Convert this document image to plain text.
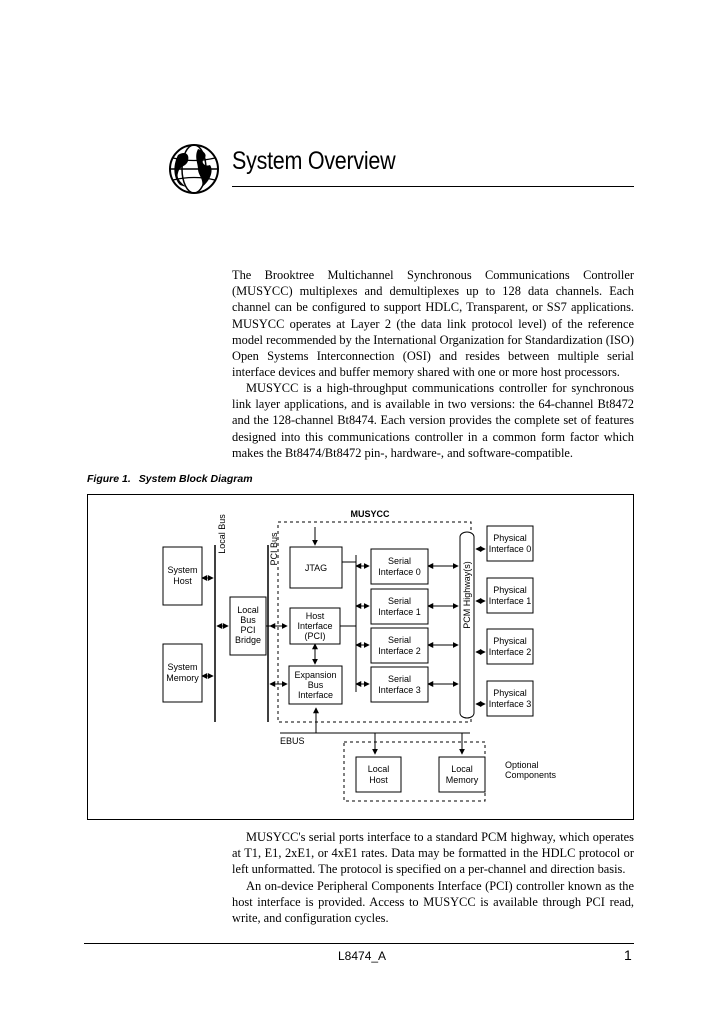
System Overview

The Brooktree Multichannel Synchronous Communications Controller (MUSYCC) multiplexes and demultiplexes up to 128 data channels. Each channel can be configured to support HDLC, Transparent, or SS7 applications. MUSYCC operates at Layer 2 (the data link protocol level) of the reference model recommended by the International Organization for Standardization (ISO) Open Systems Interconnection (OSI) and resides between multiple serial interface devices and buffer memory shared with one or more host processors.

MUSYCC is a high-throughput communications controller for synchronous link layer applications, and is available in two versions: the 64-channel Bt8472 and the 128-channel Bt8474. Each version provides the complete set of features designed into this communications controller in a common form factor which makes the Bt8474/Bt8472 pin-, hardware-, and software-compatible.

Figure 1. System Block Diagram
MUSYCC
Optional
Components
Local Bus	PCI Bus
PCM Highway(s)
EBUS
System
Host
System
Memory
Local
Bus
PCI
Bridge
JTAG
Host
Interface
(PCI)
Expansion
Bus
Interface
Serial
Interface 0
Serial
Interface 1
Serial
Interface 2
Serial
Interface 3
Physical
Interface 0
Physical
Interface 1
Physical
Interface 2
Physical
Interface 3
Local
Host
Local
Memory

MUSYCC's serial ports interface to a standard PCM highway, which operates at T1, E1, 2xE1, or 4xE1 rates. Data may be formatted in the HDLC protocol or left unformatted. The protocol is specified on a per-channel and direction basis.

An on-device Peripheral Components Interface (PCI) controller known as the host interface is provided. Access to MUSYCC is available through PCI read, write, and configuration cycles.

L8474_A	1
